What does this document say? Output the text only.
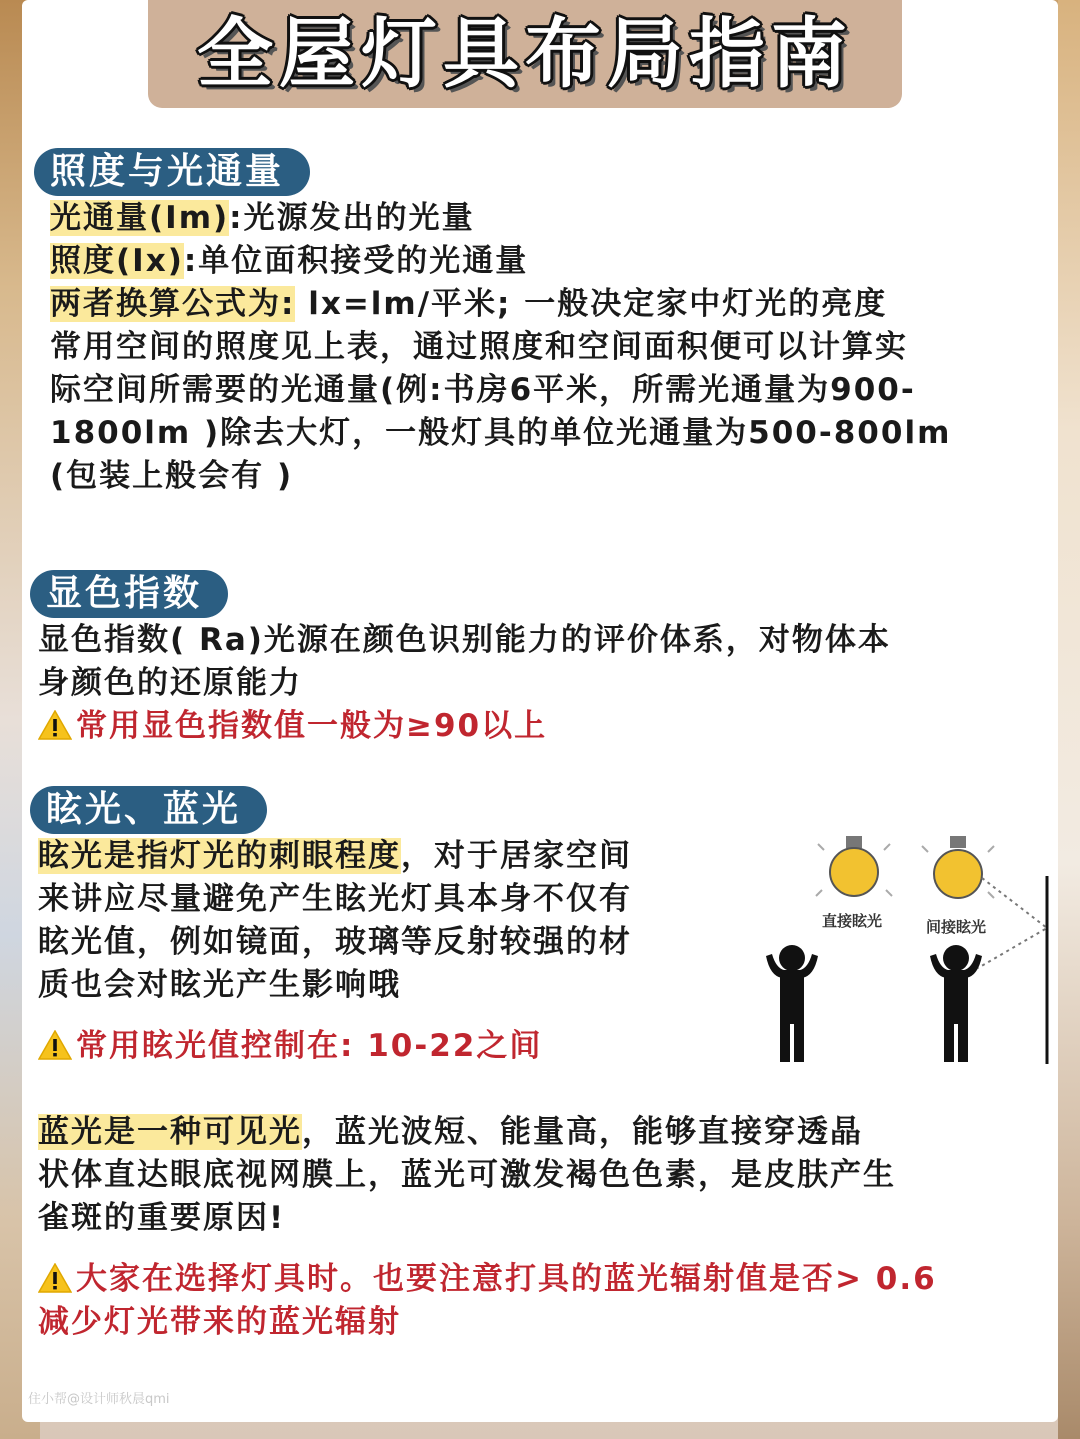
全屋灯具布局指南
照度与光通量
光通量(Im):光源发出的光量
照度(Ix):单位面积接受的光通量
两者换算公式为: lx=lm/平米; 一般决定家中灯光的亮度
常用空间的照度见上表，通过照度和空间面积便可以计算实
际空间所需要的光通量(例:书房6平米，所需光通量为900-
1800lm )除去大灯，一般灯具的单位光通量为500-800lm
(包装上般会有 )
显色指数
显色指数( Ra)光源在颜色识别能力的评价体系，对物体本
身颜色的还原能力
常用显色指数值一般为≥90以上
眩光、蓝光
眩光是指灯光的刺眼程度，对于居家空间
来讲应尽量避免产生眩光灯具本身不仅有
眩光值，例如镜面，玻璃等反射较强的材
质也会对眩光产生影响哦
常用眩光值控制在: 10-22之间
直接眩光	间接眩光
蓝光是一种可见光，蓝光波短、能量高，能够直接穿透晶
状体直达眼底视网膜上，蓝光可激发褐色色素，是皮肤产生
雀斑的重要原因!
大家在选择灯具时。也要注意打具的蓝光辐射值是否> 0.6
减少灯光带来的蓝光辐射
住小帮@设计师秋晨qmi
